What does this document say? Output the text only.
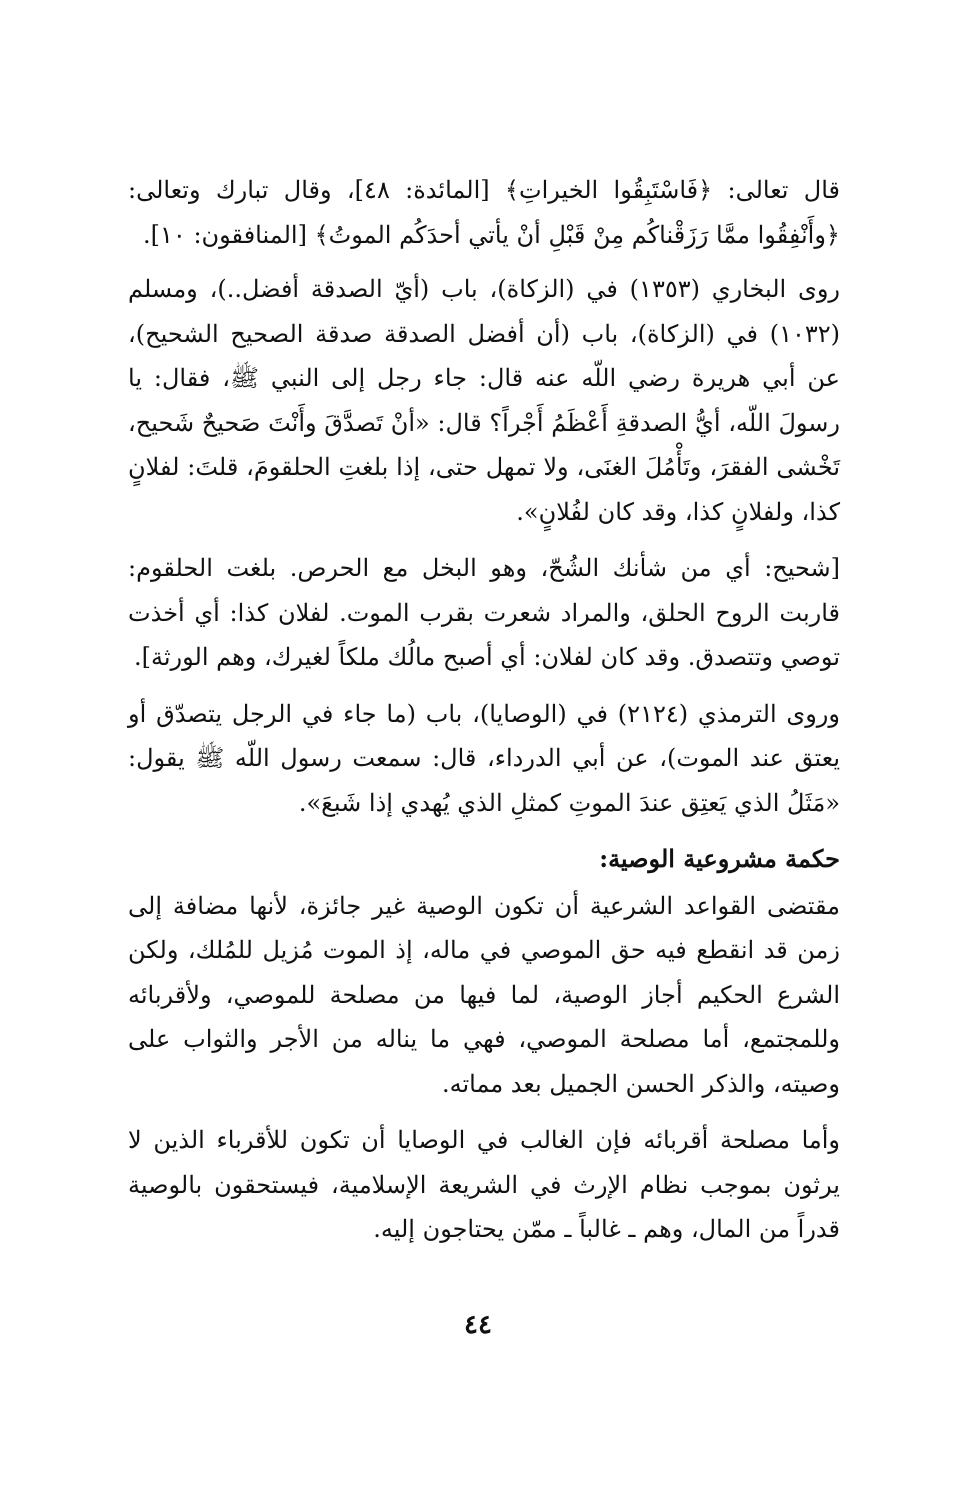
قال تعالى: ﴿فَاسْتَبِقُوا الخيراتِ﴾ [المائدة: ٤٨]، وقال تبارك وتعالى: ﴿وأَنْفِقُوا ممَّا رَزَقْناكُم مِنْ قَبْلِ أنْ يأتي أحدَكُم الموتُ﴾ [المنافقون: ١٠].

روى البخاري (١٣٥٣) في (الزكاة)، باب (أيّ الصدقة أفضل..)، ومسلم (١٠٣٢) في (الزكاة)، باب (أن أفضل الصدقة صدقة الصحيح الشحيح)، عن أبي هريرة رضي اللّه عنه قال: جاء رجل إلى النبي ﷺ، فقال: يا رسولَ اللّه، أيُّ الصدقةِ أَعْظَمُ أَجْراً؟ قال: «أنْ تَصدَّقَ وأَنْتَ صَحيحٌ شَحيح، تَخْشى الفقرَ، وتَأْمُلَ الغنَى، ولا تمهل حتى، إذا بلغتِ الحلقومَ، قلتَ: لفلانٍ كذا، ولفلانٍ كذا، وقد كان لفُلانٍ».

[شحيح: أي من شأنك الشُحّ، وهو البخل مع الحرص. بلغت الحلقوم: قاربت الروح الحلق، والمراد شعرت بقرب الموت. لفلان كذا: أي أخذت توصي وتتصدق. وقد كان لفلان: أي أصبح مالُك ملكاً لغيرك، وهم الورثة].

وروى الترمذي (٢١٢٤) في (الوصايا)، باب (ما جاء في الرجل يتصدّق أو يعتق عند الموت)، عن أبي الدرداء، قال: سمعت رسول اللّه ﷺ يقول: «مَثَلُ الذي يَعتِق عندَ الموتِ كمثلِ الذي يُهدي إذا شَبعَ».

حكمة مشروعية الوصية:

مقتضى القواعد الشرعية أن تكون الوصية غير جائزة، لأنها مضافة إلى زمن قد انقطع فيه حق الموصي في ماله، إذ الموت مُزيل للمُلك، ولكن الشرع الحكيم أجاز الوصية، لما فيها من مصلحة للموصي، ولأقربائه وللمجتمع، أما مصلحة الموصي، فهي ما يناله من الأجر والثواب على وصيته، والذكر الحسن الجميل بعد مماته.

وأما مصلحة أقربائه فإن الغالب في الوصايا أن تكون للأقرباء الذين لا يرثون بموجب نظام الإرث في الشريعة الإسلامية، فيستحقون بالوصية قدراً من المال، وهم ـ غالباً ـ ممّن يحتاجون إليه.

٤٤
